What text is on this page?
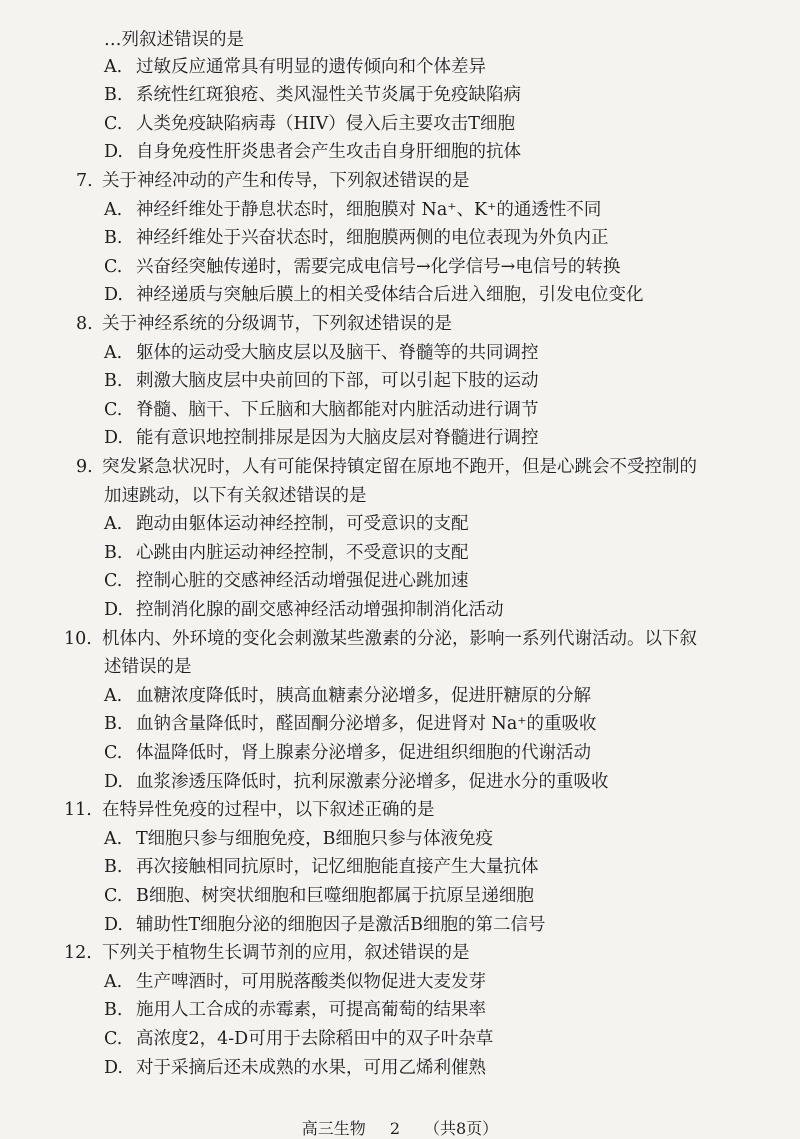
…列叙述错误的是
A. 过敏反应通常具有明显的遗传倾向和个体差异
B. 系统性红斑狼疮、类风湿性关节炎属于免疫缺陷病
C. 人类免疫缺陷病毒（HIV）侵入后主要攻击T细胞
D. 自身免疫性肝炎患者会产生攻击自身肝细胞的抗体
7. 关于神经冲动的产生和传导，下列叙述错误的是
A. 神经纤维处于静息状态时，细胞膜对 Na⁺、K⁺的通透性不同
B. 神经纤维处于兴奋状态时，细胞膜两侧的电位表现为外负内正
C. 兴奋经突触传递时，需要完成电信号→化学信号→电信号的转换
D. 神经递质与突触后膜上的相关受体结合后进入细胞，引发电位变化
8. 关于神经系统的分级调节，下列叙述错误的是
A. 躯体的运动受大脑皮层以及脑干、脊髓等的共同调控
B. 刺激大脑皮层中央前回的下部，可以引起下肢的运动
C. 脊髓、脑干、下丘脑和大脑都能对内脏活动进行调节
D. 能有意识地控制排尿是因为大脑皮层对脊髓进行调控
9. 突发紧急状况时，人有可能保持镇定留在原地不跑开，但是心跳会不受控制的
加速跳动，以下有关叙述错误的是
A. 跑动由躯体运动神经控制，可受意识的支配
B. 心跳由内脏运动神经控制，不受意识的支配
C. 控制心脏的交感神经活动增强促进心跳加速
D. 控制消化腺的副交感神经活动增强抑制消化活动
10. 机体内、外环境的变化会刺激某些激素的分泌，影响一系列代谢活动。以下叙
述错误的是
A. 血糖浓度降低时，胰高血糖素分泌增多，促进肝糖原的分解
B. 血钠含量降低时，醛固酮分泌增多，促进肾对 Na⁺的重吸收
C. 体温降低时，肾上腺素分泌增多，促进组织细胞的代谢活动
D. 血浆渗透压降低时，抗利尿激素分泌增多，促进水分的重吸收
11. 在特异性免疫的过程中，以下叙述正确的是
A. T细胞只参与细胞免疫，B细胞只参与体液免疫
B. 再次接触相同抗原时，记忆细胞能直接产生大量抗体
C. B细胞、树突状细胞和巨噬细胞都属于抗原呈递细胞
D. 辅助性T细胞分泌的细胞因子是激活B细胞的第二信号
12. 下列关于植物生长调节剂的应用，叙述错误的是
A. 生产啤酒时，可用脱落酸类似物促进大麦发芽
B. 施用人工合成的赤霉素，可提高葡萄的结果率
C. 高浓度2，4-D可用于去除稻田中的双子叶杂草
D. 对于采摘后还未成熟的水果，可用乙烯利催熟
高三生物 2 （共8页）
